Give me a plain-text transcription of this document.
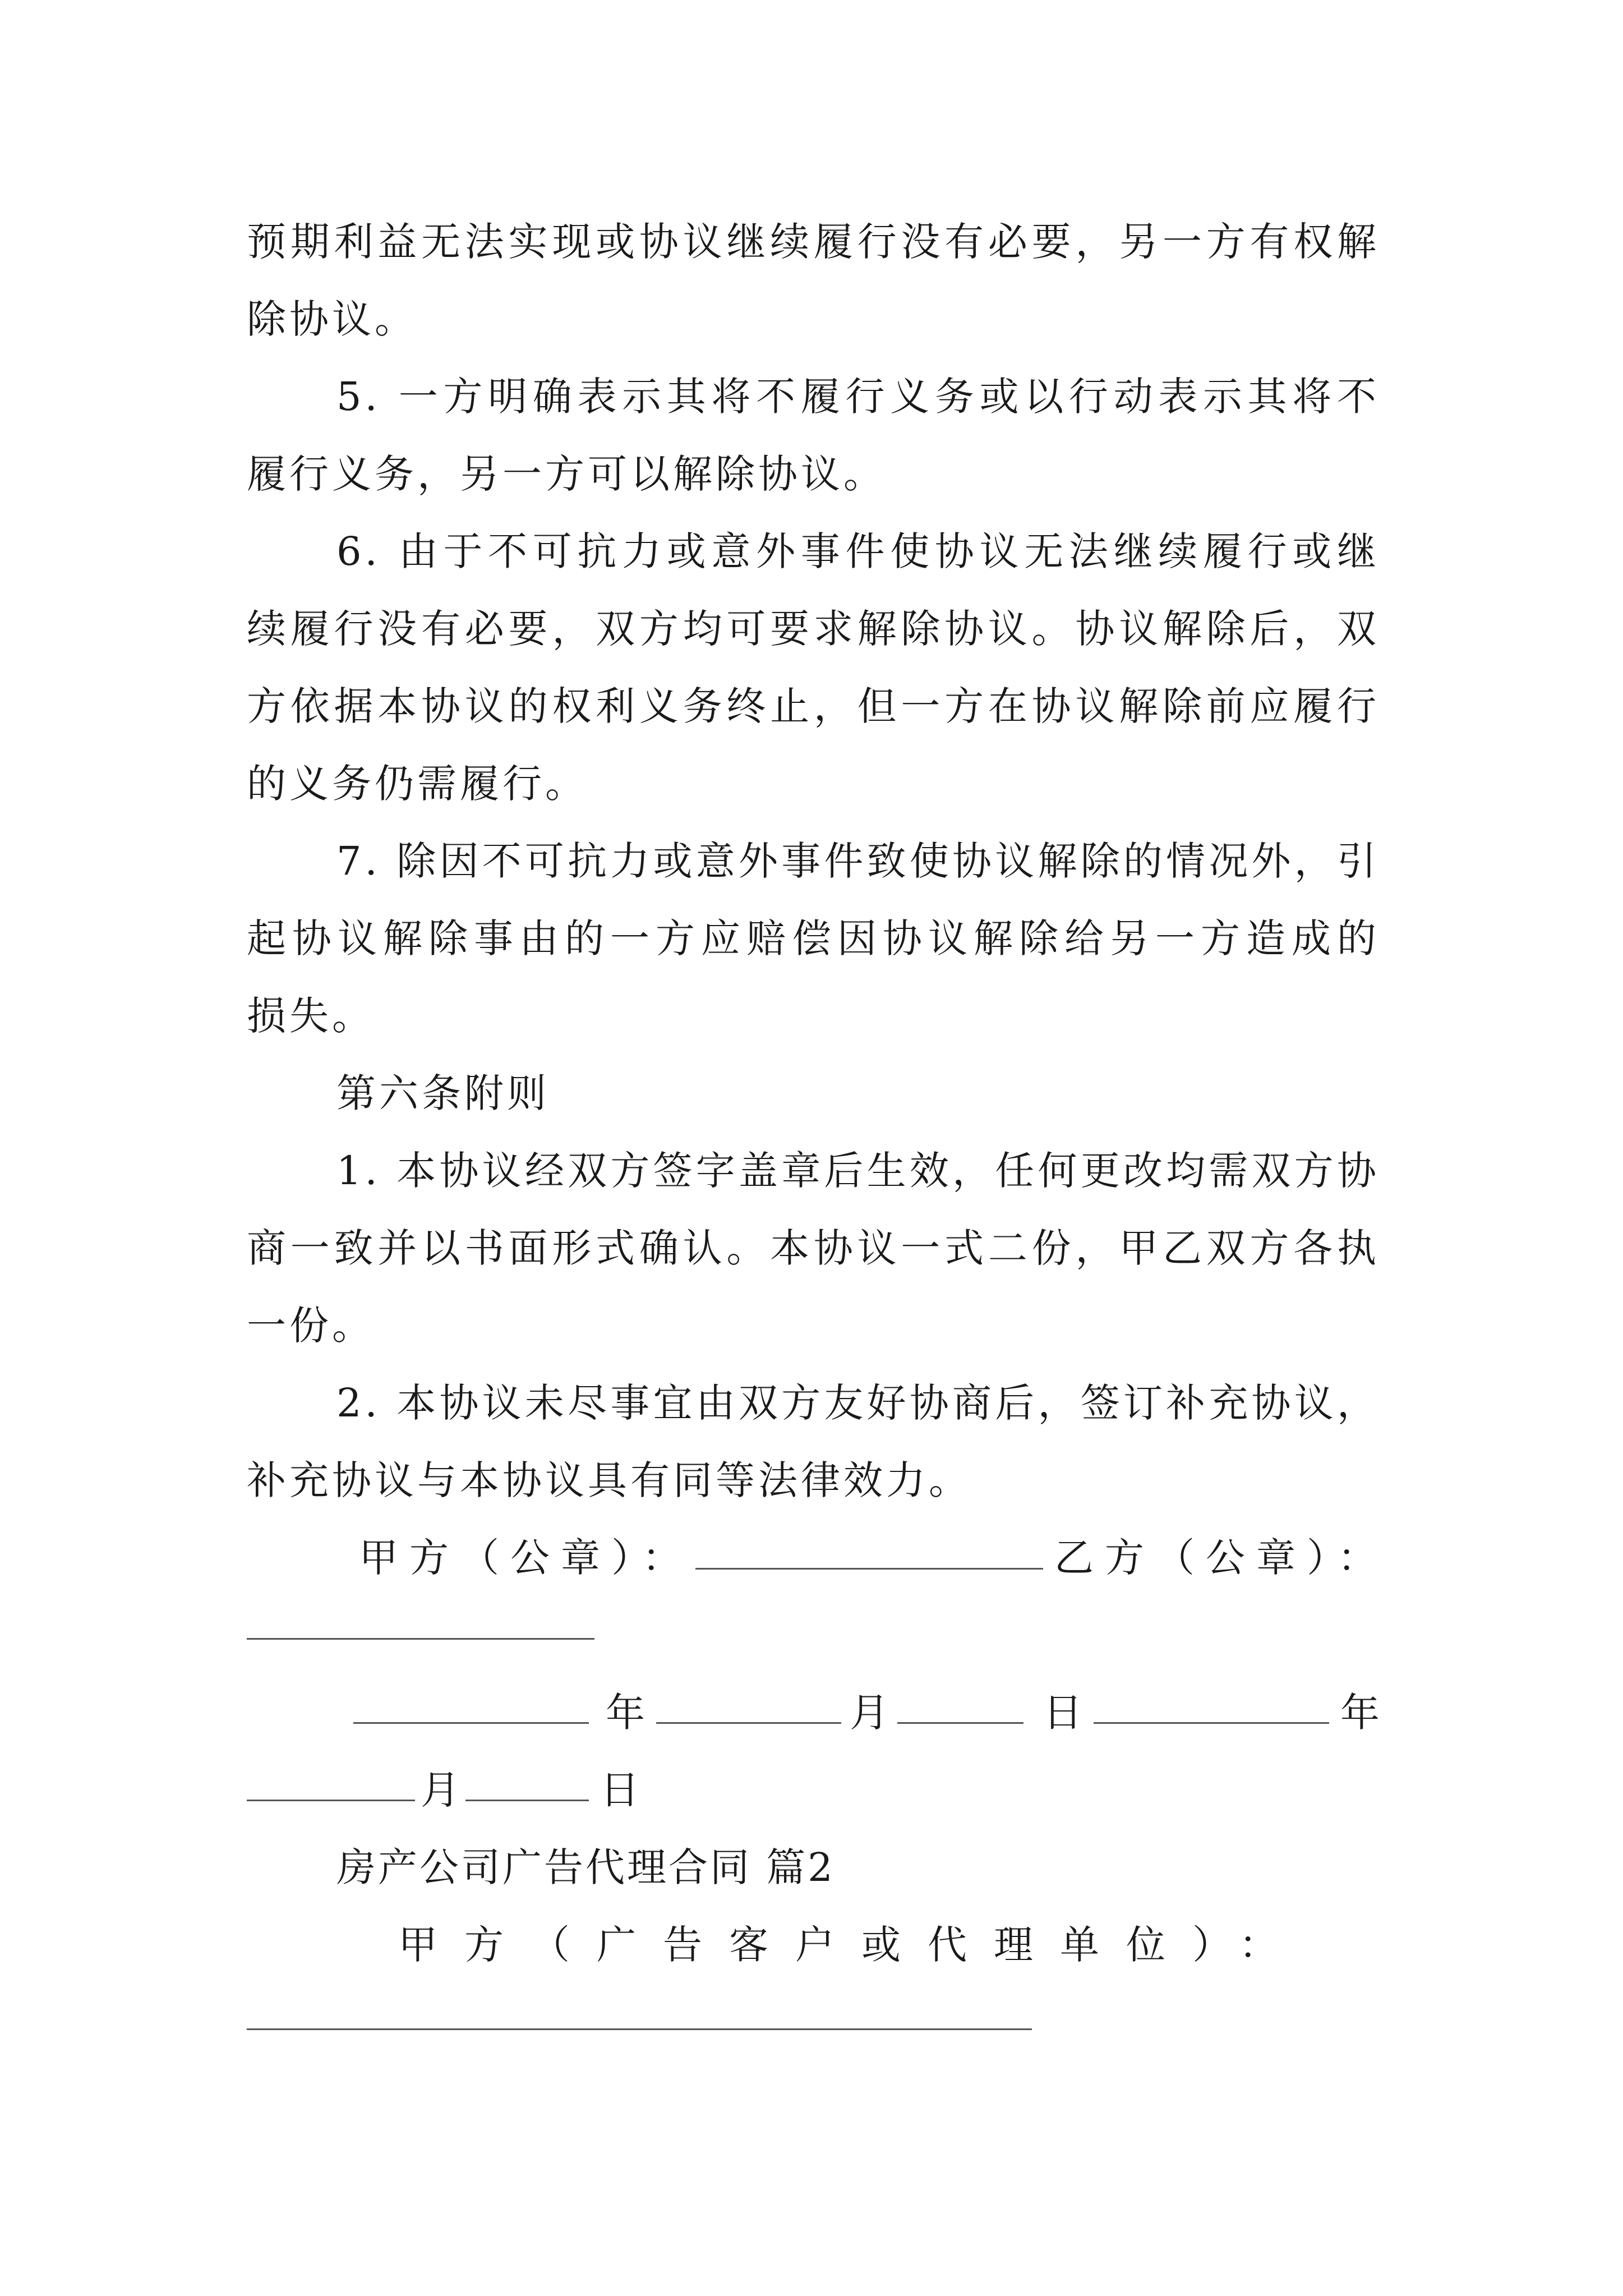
预期利益无法实现或协议继续履行没有必要，另一方有权解
除协议。
5. 一方明确表示其将不履行义务或以行动表示其将不
履行义务，另一方可以解除协议。
6. 由于不可抗力或意外事件使协议无法继续履行或继
续履行没有必要，双方均可要求解除协议。协议解除后，双
方依据本协议的权利义务终止，但一方在协议解除前应履行
的义务仍需履行。
7. 除因不可抗力或意外事件致使协议解除的情况外，引
起协议解除事由的一方应赔偿因协议解除给另一方造成的
损失。
第六条附则
1. 本协议经双方签字盖章后生效，任何更改均需双方协
商一致并以书面形式确认。本协议一式二份，甲乙双方各执
一份。
2. 本协议未尽事宜由双方友好协商后，签订补充协议，
补充协议与本协议具有同等法律效力。
甲方（公章）：	乙方（公章）：
年	月	日	年
月	日
房产公司广告代理合同 篇2
甲方（广告客户或代理单位）：
